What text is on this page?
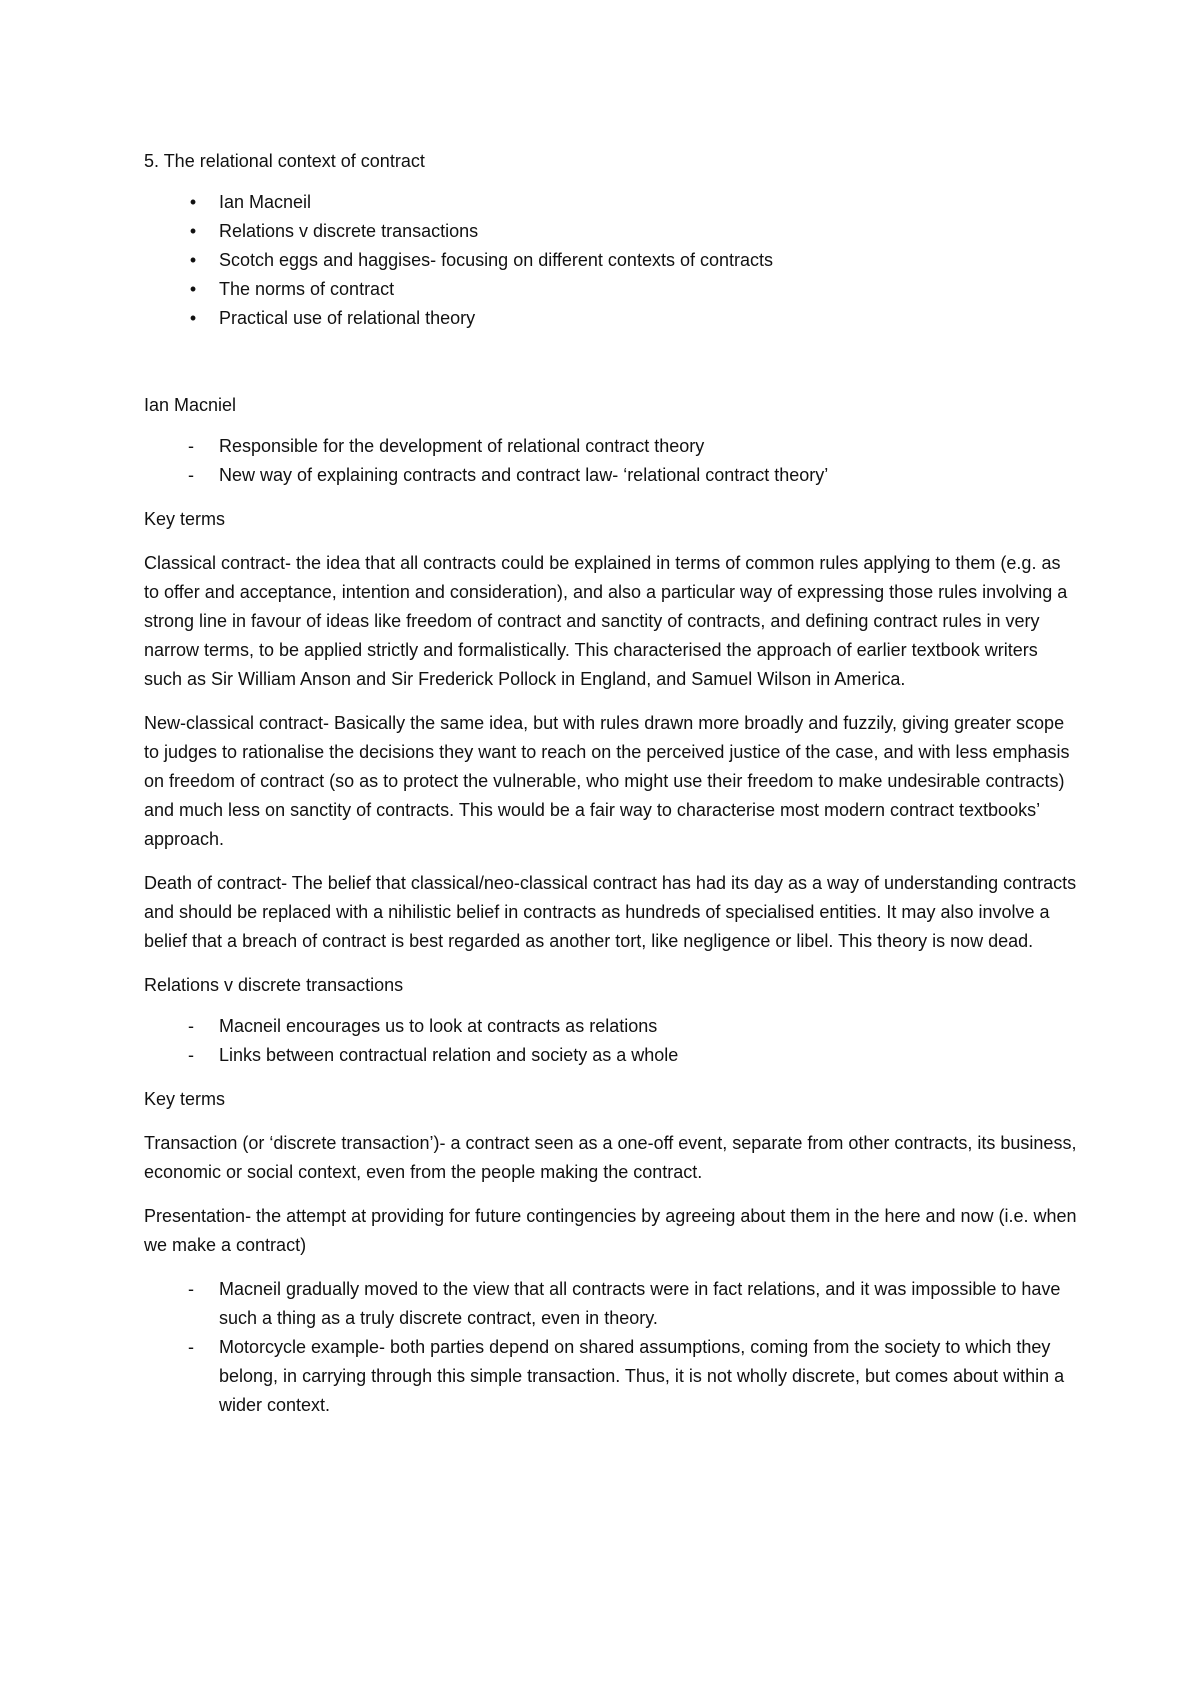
5. The relational context of contract

• Ian Macneil
• Relations v discrete transactions
• Scotch eggs and haggises- focusing on different contexts of contracts
• The norms of contract
• Practical use of relational theory

Ian Macniel

- Responsible for the development of relational contract theory
- New way of explaining contracts and contract law- ‘relational contract theory’

Key terms

Classical contract- the idea that all contracts could be explained in terms of common rules applying to them (e.g. as to offer and acceptance, intention and consideration), and also a particular way of expressing those rules involving a strong line in favour of ideas like freedom of contract and sanctity of contracts, and defining contract rules in very narrow terms, to be applied strictly and formalistically. This characterised the approach of earlier textbook writers such as Sir William Anson and Sir Frederick Pollock in England, and Samuel Wilson in America.

New-classical contract- Basically the same idea, but with rules drawn more broadly and fuzzily, giving greater scope to judges to rationalise the decisions they want to reach on the perceived justice of the case, and with less emphasis on freedom of contract (so as to protect the vulnerable, who might use their freedom to make undesirable contracts) and much less on sanctity of contracts. This would be a fair way to characterise most modern contract textbooks’ approach.

Death of contract- The belief that classical/neo-classical contract has had its day as a way of understanding contracts and should be replaced with a nihilistic belief in contracts as hundreds of specialised entities. It may also involve a belief that a breach of contract is best regarded as another tort, like negligence or libel. This theory is now dead.

Relations v discrete transactions

- Macneil encourages us to look at contracts as relations
- Links between contractual relation and society as a whole

Key terms

Transaction (or ‘discrete transaction’)- a contract seen as a one-off event, separate from other contracts, its business, economic or social context, even from the people making the contract.

Presentation- the attempt at providing for future contingencies by agreeing about them in the here and now (i.e. when we make a contract)

- Macneil gradually moved to the view that all contracts were in fact relations, and it was impossible to have such a thing as a truly discrete contract, even in theory.
- Motorcycle example- both parties depend on shared assumptions, coming from the society to which they belong, in carrying through this simple transaction. Thus, it is not wholly discrete, but comes about within a wider context.
